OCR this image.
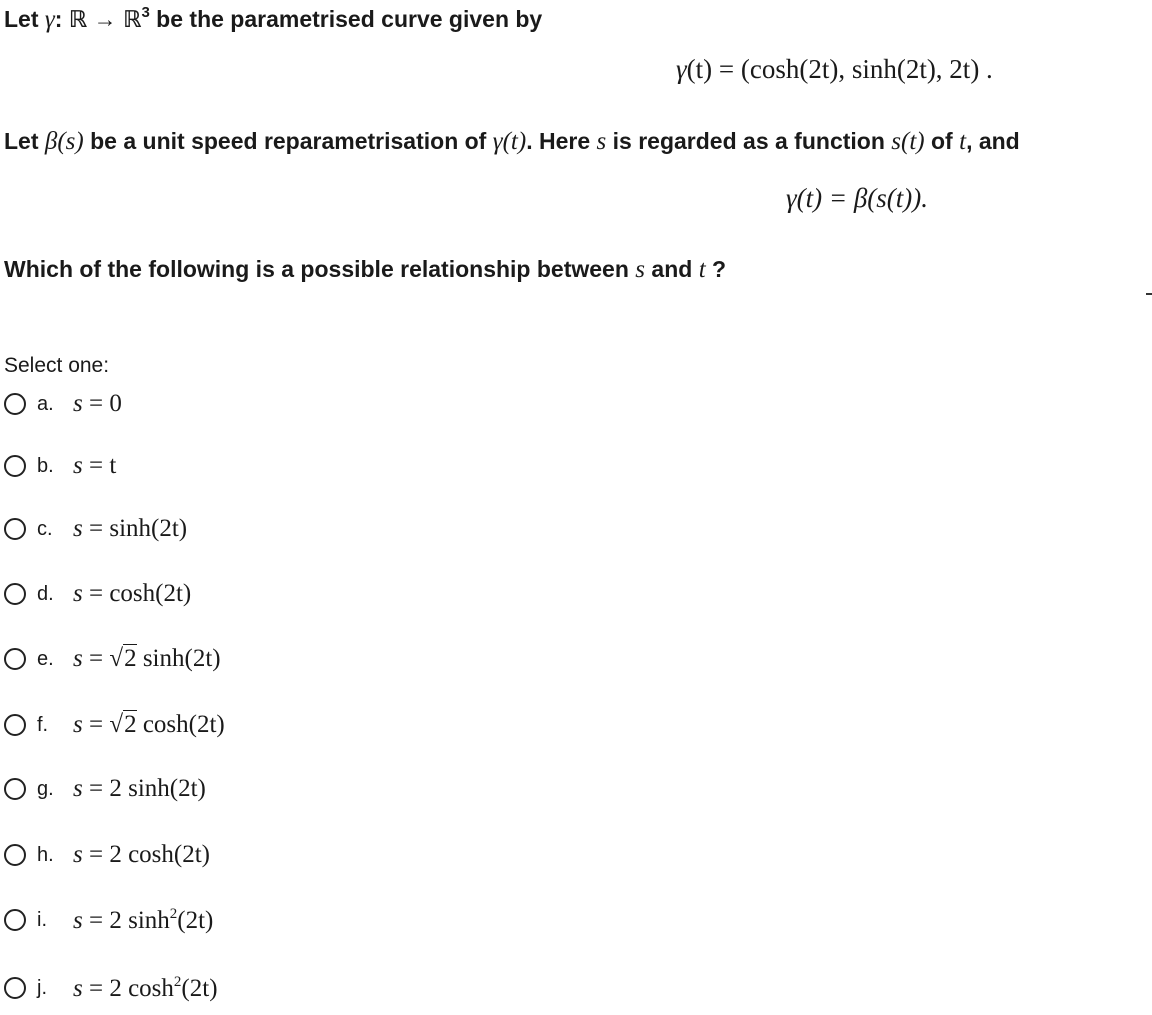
Let γ: ℝ → ℝ$^3$ be the parametrised curve given by
γ(t) = (cosh(2t), sinh(2t), 2t) .
Let β(s) be a unit speed reparametrisation of γ(t). Here s is regarded as a function s(t) of t, and
γ(t) = β(s(t)).
Which of the following is a possible relationship between s and t ?
Select one:
a. s = 0
b. s = t
c. s = sinh(2t)
d. s = cosh(2t)
e. s = √2 sinh(2t)
f. s = √2 cosh(2t)
g. s = 2 sinh(2t)
h. s = 2 cosh(2t)
i.	s = 2 $\sinh^2(2t)$
j.	s = 2 $\cosh^2(2t)$
